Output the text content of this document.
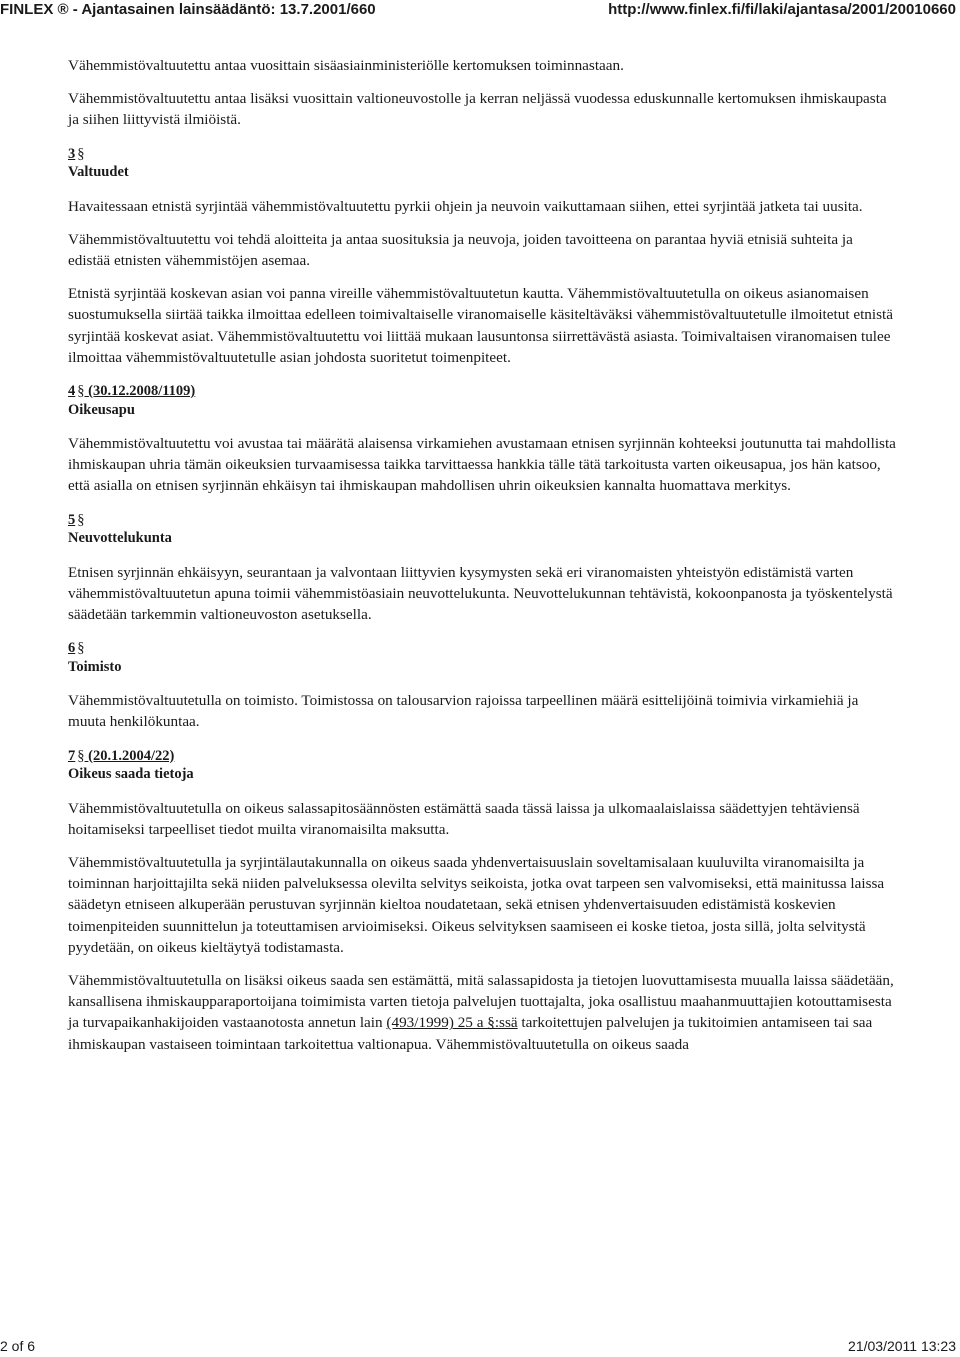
FINLEX ® - Ajantasainen lainsäädäntö: 13.7.2001/660	http://www.finlex.fi/fi/laki/ajantasa/2001/20010660

Vähemmistövaltuutettu antaa vuosittain sisäasiainministeriölle kertomuksen toiminnastaan.

Vähemmistövaltuutettu antaa lisäksi vuosittain valtioneuvostolle ja kerran neljässä vuodessa eduskunnalle kertomuksen ihmiskaupasta ja siihen liittyvistä ilmiöistä.

3 §
Valtuudet

Havaitessaan etnistä syrjintää vähemmistövaltuutettu pyrkii ohjein ja neuvoin vaikuttamaan siihen, ettei syrjintää jatketa tai uusita.

Vähemmistövaltuutettu voi tehdä aloitteita ja antaa suosituksia ja neuvoja, joiden tavoitteena on parantaa hyviä etnisiä suhteita ja edistää etnisten vähemmistöjen asemaa.

Etnistä syrjintää koskevan asian voi panna vireille vähemmistövaltuutetun kautta. Vähemmistövaltuutetulla on oikeus asianomaisen suostumuksella siirtää taikka ilmoittaa edelleen toimivaltaiselle viranomaiselle käsiteltäväksi vähemmistövaltuutetulle ilmoitetut etnistä syrjintää koskevat asiat. Vähemmistövaltuutettu voi liittää mukaan lausuntonsa siirrettävästä asiasta. Toimivaltaisen viranomaisen tulee ilmoittaa vähemmistövaltuutetulle asian johdosta suoritetut toimenpiteet.

4 § (30.12.2008/1109)
Oikeusapu

Vähemmistövaltuutettu voi avustaa tai määrätä alaisensa virkamiehen avustamaan etnisen syrjinnän kohteeksi joutunutta tai mahdollista ihmiskaupan uhria tämän oikeuksien turvaamisessa taikka tarvittaessa hankkia tälle tätä tarkoitusta varten oikeusapua, jos hän katsoo, että asialla on etnisen syrjinnän ehkäisyn tai ihmiskaupan mahdollisen uhrin oikeuksien kannalta huomattava merkitys.

5 §
Neuvottelukunta

Etnisen syrjinnän ehkäisyyn, seurantaan ja valvontaan liittyvien kysymysten sekä eri viranomaisten yhteistyön edistämistä varten vähemmistövaltuutetun apuna toimii vähemmistöasiain neuvottelukunta. Neuvottelukunnan tehtävistä, kokoonpanosta ja työskentelystä säädetään tarkemmin valtioneuvoston asetuksella.

6 §
Toimisto

Vähemmistövaltuutetulla on toimisto. Toimistossa on talousarvion rajoissa tarpeellinen määrä esittelijöinä toimivia virkamiehiä ja muuta henkilökuntaa.

7 § (20.1.2004/22)
Oikeus saada tietoja

Vähemmistövaltuutetulla on oikeus salassapitosäännösten estämättä saada tässä laissa ja ulkomaalaislaissa säädettyjen tehtäviensä hoitamiseksi tarpeelliset tiedot muilta viranomaisilta maksutta.

Vähemmistövaltuutetulla ja syrjintälautakunnalla on oikeus saada yhdenvertaisuuslain soveltamisalaan kuuluvilta viranomaisilta ja toiminnan harjoittajilta sekä niiden palveluksessa olevilta selvitys seikoista, jotka ovat tarpeen sen valvomiseksi, että mainitussa laissa säädetyn etniseen alkuperään perustuvan syrjinnän kieltoa noudatetaan, sekä etnisen yhdenvertaisuuden edistämistä koskevien toimenpiteiden suunnittelun ja toteuttamisen arvioimiseksi. Oikeus selvityksen saamiseen ei koske tietoa, josta sillä, jolta selvitystä pyydetään, on oikeus kieltäytyä todistamasta.

Vähemmistövaltuutetulla on lisäksi oikeus saada sen estämättä, mitä salassapidosta ja tietojen luovuttamisesta muualla laissa säädetään, kansallisena ihmiskaupparaportoijana toimimista varten tietoja palvelujen tuottajalta, joka osallistuu maahanmuuttajien kotouttamisesta ja turvapaikanhakijoiden vastaanotosta annetun lain (493/1999) 25 a §:ssä tarkoitettujen palvelujen ja tukitoimien antamiseen tai saa ihmiskaupan vastaiseen toimintaan tarkoitettua valtionapua. Vähemmistövaltuutetulla on oikeus saada

2 of 6	21/03/2011 13:23
